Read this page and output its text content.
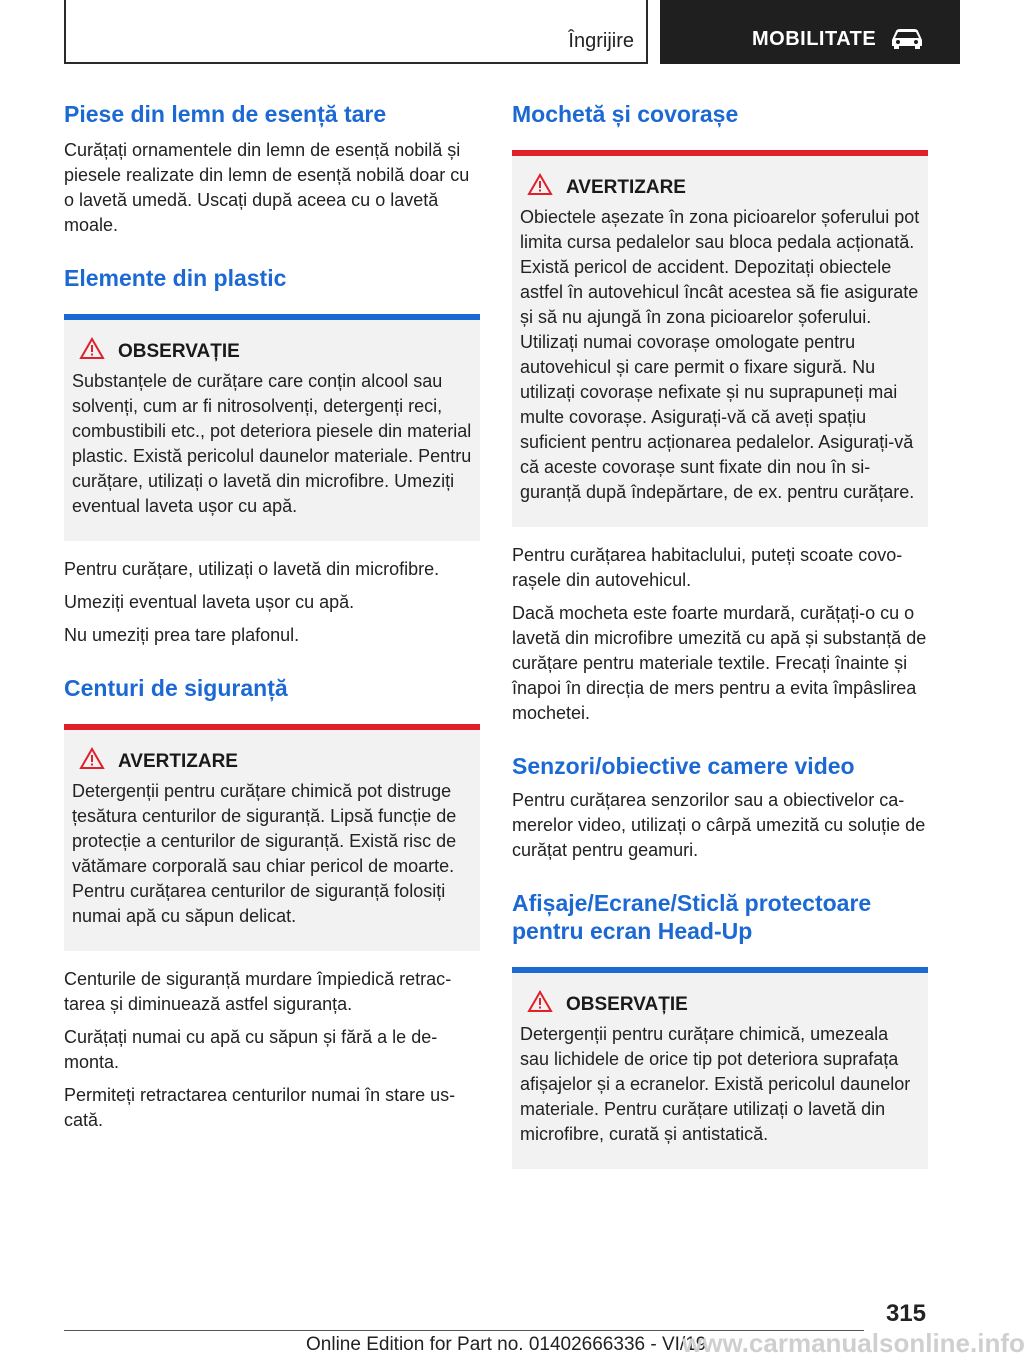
Îngrijire	MOBILITATE
Piese din lemn de esență tare

Curățați ornamentele din lemn de esență nobilă și piesele realizate din lemn de esență nobilă doar cu o lavetă umedă. Uscați după aceea cu o lavetă moale.

Elemente din plastic
OBSERVAȚIE

Substanțele de curățare care conțin alcool sau solvenți, cum ar fi nitrosolvenți, detergenți reci, combustibili etc., pot deteriora piesele din material plastic. Există pericolul daunelor materiale. Pentru curățare, utilizați o lavetă din microfibre. Umeziți eventual laveta ușor cu apă.

Pentru curățare, utilizați o lavetă din microfibre.

Umeziți eventual laveta ușor cu apă.

Nu umeziți prea tare plafonul.

Centuri de siguranță
AVERTIZARE

Detergenții pentru curățare chimică pot distruge țesătura centurilor de siguranță. Lipsă funcție de protecție a centurilor de siguranță. Există risc de vătămare corporală sau chiar pericol de moarte. Pentru curățarea centurilor de siguranță folosiți numai apă cu săpun delicat.

Centurile de siguranță murdare împiedică retractarea și diminuează astfel siguranța.

Curățați numai cu apă cu săpun și fără a le demonta.

Permiteți retractarea centurilor numai în stare uscată.

Mochetă și covorașe
AVERTIZARE

Obiectele așezate în zona picioarelor șoferului pot limita cursa pedalelor sau bloca pedala acționată. Există pericol de accident. Depozitați obiectele astfel în autovehicul încât acestea să fie asigurate și să nu ajungă în zona picioarelor șoferului. Utilizați numai covorașe omologate pentru autovehicul și care permit o fixare sigură. Nu utilizați covorașe nefixate și nu suprapuneți mai multe covorașe. Asigurați-vă că aveți spațiu suficient pentru acționarea pedalelor. Asigurați-vă că aceste covorașe sunt fixate din nou în siguranță după îndepărtare, de ex. pentru curățare.

Pentru curățarea habitaclului, puteți scoate covorașele din autovehicul.

Dacă mocheta este foarte murdară, curățați-o cu o lavetă din microfibre umezită cu apă și substanță de curățare pentru materiale textile. Frecați înainte și înapoi în direcția de mers pentru a evita împâslirea mochetei.

Senzori/obiective camere video

Pentru curățarea senzorilor sau a obiectivelor camerelor video, utilizați o cârpă umezită cu soluție de curățat pentru geamuri.

Afișaje/Ecrane/Sticlă protectoare pentru ecran Head-Up
OBSERVAȚIE

Detergenții pentru curățare chimică, umezeala sau lichidele de orice tip pot deteriora suprafața afișajelor și a ecranelor. Există pericolul daunelor materiale. Pentru curățare utilizați o lavetă din microfibre, curată și antistatică.

315
Online Edition for Part no. 01402666336 - VI/19
www.carmanualsonline.info
